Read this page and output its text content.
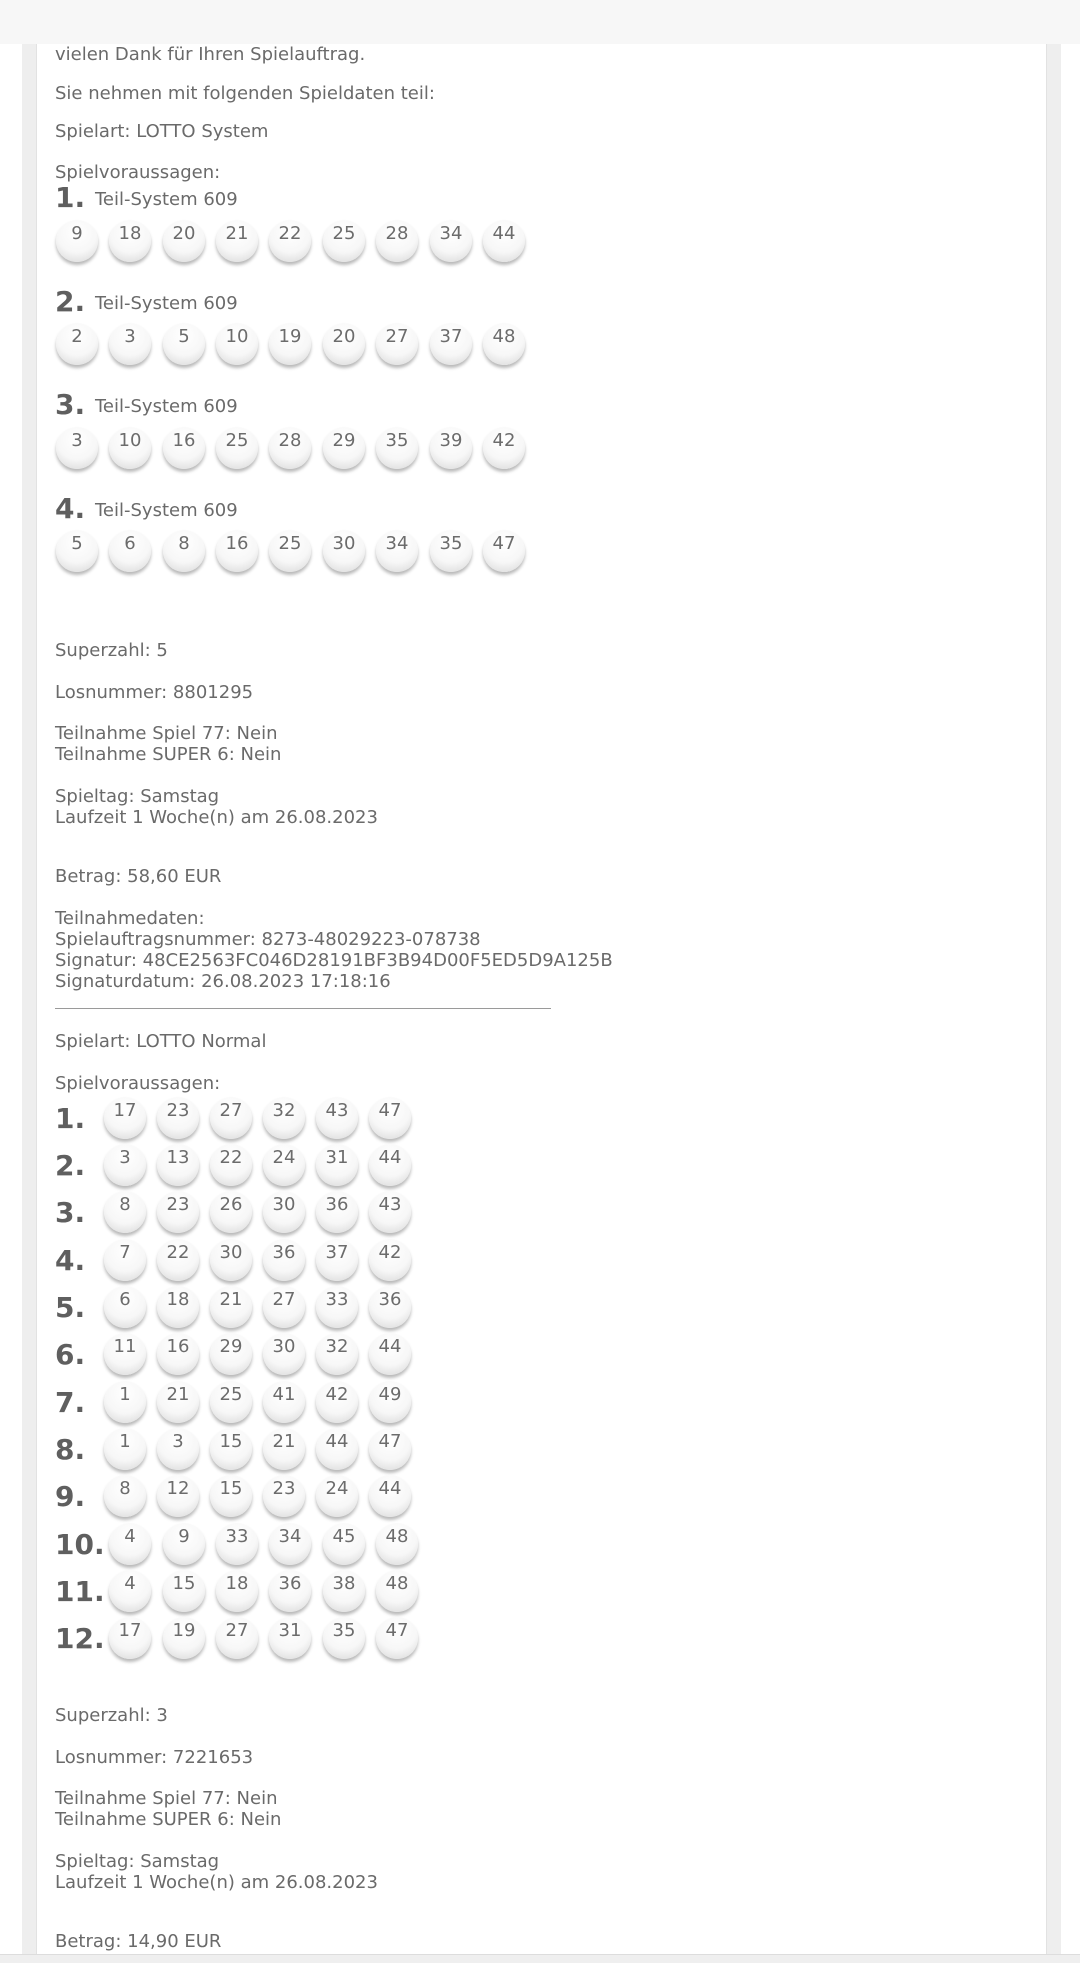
vielen Dank für Ihren Spielauftrag.
Sie nehmen mit folgenden Spieldaten teil:
Spielart: LOTTO System
Spielvoraussagen:
1. Teil-System 609
9	18	20	21	22	25	28	34	44
2. Teil-System 609
2	3	5	10	19	20	27	37	48
3. Teil-System 609
3	10	16	25	28	29	35	39	42
4. Teil-System 609
5	6	8	16	25	30	34	35	47
Superzahl: 5
Losnummer: 8801295
Teilnahme Spiel 77: Nein
Teilnahme SUPER 6: Nein
Spieltag: Samstag
Laufzeit 1 Woche(n) am 26.08.2023
Betrag: 58,60 EUR
Teilnahmedaten:
Spielauftragsnummer: 8273-48029223-078738
Signatur: 48CE2563FC046D28191BF3B94D00F5ED5D9A125B
Signaturdatum: 26.08.2023 17:18:16
Spielart: LOTTO Normal
Spielvoraussagen:
1.	17	23	27	32	43	47
2.	3	13	22	24	31	44
3.	8	23	26	30	36	43
4.	7	22	30	36	37	42
5.	6	18	21	27	33	36
6.	11	16	29	30	32	44
7.	1	21	25	41	42	49
8.	1	3	15	21	44	47
9.	8	12	15	23	24	44
10.	4	9	33	34	45	48
11.	4	15	18	36	38	48
12. 17	19	27	31	35	47
Superzahl: 3
Losnummer: 7221653
Teilnahme Spiel 77: Nein
Teilnahme SUPER 6: Nein
Spieltag: Samstag
Laufzeit 1 Woche(n) am 26.08.2023
Betrag: 14,90 EUR
